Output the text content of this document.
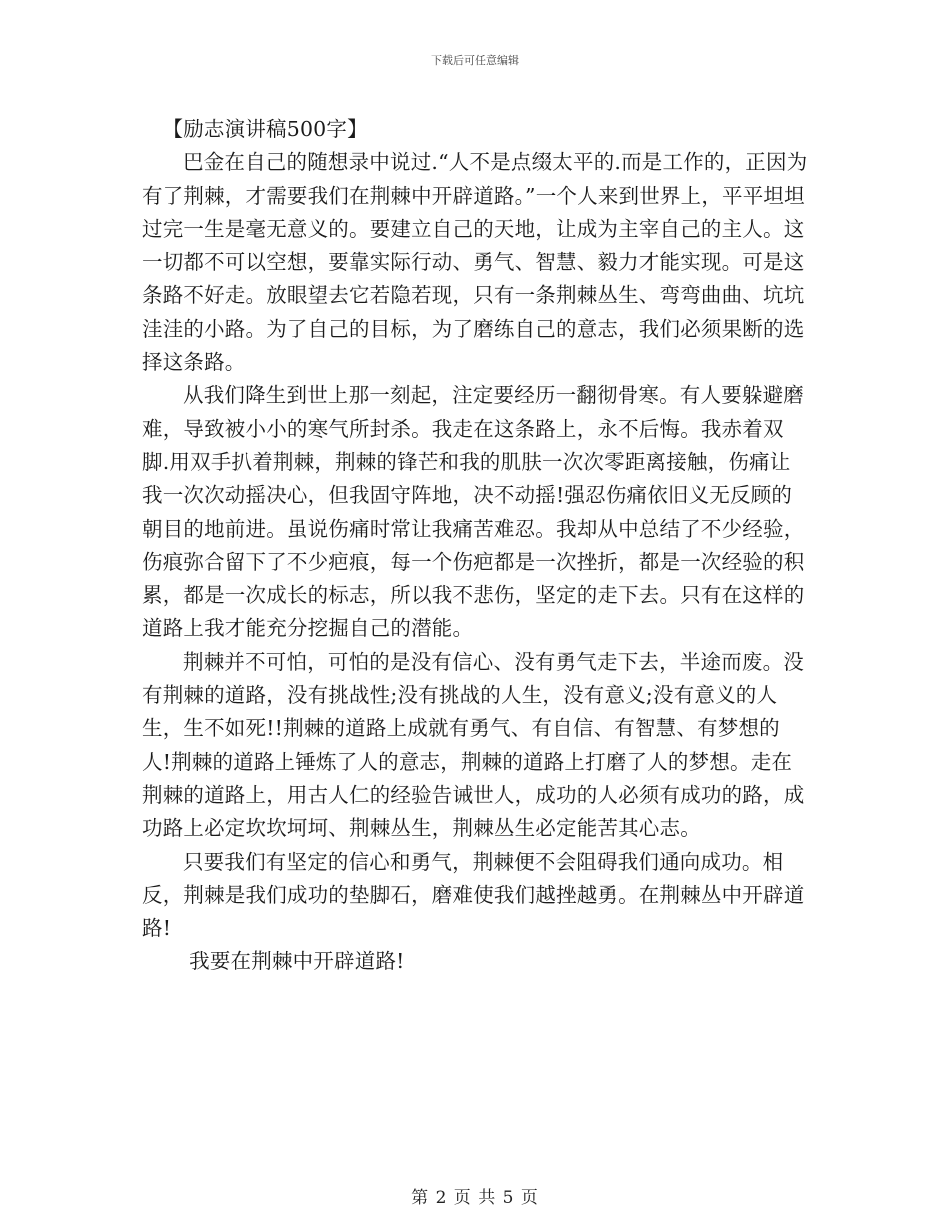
下载后可任意编辑

【励志演讲稿500字】

巴金在自己的随想录中说过.“人不是点缀太平的.而是工作的，正因为有了荆棘，才需要我们在荆棘中开辟道路。”一个人来到世界上，平平坦坦过完一生是毫无意义的。要建立自己的天地，让成为主宰自己的主人。这一切都不可以空想，要靠实际行动、勇气、智慧、毅力才能实现。可是这条路不好走。放眼望去它若隐若现，只有一条荆棘丛生、弯弯曲曲、坑坑洼洼的小路。为了自己的目标，为了磨练自己的意志，我们必须果断的选择这条路。

从我们降生到世上那一刻起，注定要经历一翻彻骨寒。有人要躲避磨难，导致被小小的寒气所封杀。我走在这条路上，永不后悔。我赤着双脚.用双手扒着荆棘，荆棘的锋芒和我的肌肤一次次零距离接触，伤痛让我一次次动摇决心，但我固守阵地，决不动摇!强忍伤痛依旧义无反顾的朝目的地前进。虽说伤痛时常让我痛苦难忍。我却从中总结了不少经验，伤痕弥合留下了不少疤痕，每一个伤疤都是一次挫折，都是一次经验的积累，都是一次成长的标志，所以我不悲伤，坚定的走下去。只有在这样的道路上我才能充分挖掘自己的潜能。

荆棘并不可怕，可怕的是没有信心、没有勇气走下去，半途而废。没有荆棘的道路，没有挑战性;没有挑战的人生，没有意义;没有意义的人生，生不如死!!荆棘的道路上成就有勇气、有自信、有智慧、有梦想的人!荆棘的道路上锤炼了人的意志，荆棘的道路上打磨了人的梦想。走在荆棘的道路上，用古人仁的经验告诫世人，成功的人必须有成功的路，成功路上必定坎坎坷坷、荆棘丛生，荆棘丛生必定能苦其心志。

只要我们有坚定的信心和勇气，荆棘便不会阻碍我们通向成功。相反，荆棘是我们成功的垫脚石，磨难使我们越挫越勇。在荆棘丛中开辟道路!

我要在荆棘中开辟道路!

第 2 页 共 5 页
